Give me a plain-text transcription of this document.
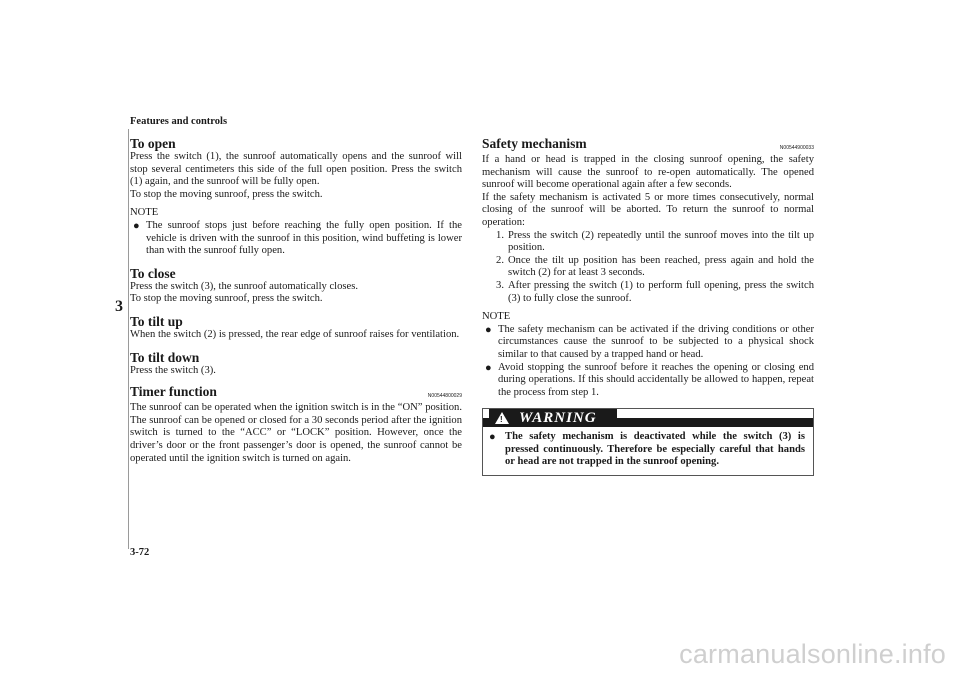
Features and controls
3
To open

Press the switch (1), the sunroof automatically opens and the sunroof will stop several centimeters this side of the full open position. Press the switch (1) again, and the sunroof will be fully open.

To stop the moving sunroof, press the switch.

NOTE

● The sunroof stops just before reaching the fully open position. If the vehicle is driven with the sunroof in this position, wind buffeting is lower than with the sunroof fully open.
To close

Press the switch (3), the sunroof automatically closes.

To stop the moving sunroof, press the switch.

To tilt up

When the switch (2) is pressed, the rear edge of sunroof raises for ventilation.

To tilt down

Press the switch (3).

Timer function	N00544800029

The sunroof can be operated when the ignition switch is in the “ON” position. The sunroof can be opened or closed for a 30 seconds period after the ignition switch is turned to the “ACC” or “LOCK” position. However, once the driver’s door or the front passenger’s door is opened, the sunroof cannot be operated until the ignition switch is turned on again.

Safety mechanism	N00544900033

If a hand or head is trapped in the closing sunroof opening, the safety mechanism will cause the sunroof to re-open automatically. The opened sunroof will become operational again after a few seconds.

If the safety mechanism is activated 5 or more times consecutively, normal closing of the sunroof will be aborted. To return the sunroof to normal operation:

1. Press the switch (2) repeatedly until the sunroof moves into the tilt up position.
2. Once the tilt up position has been reached, press again and hold the switch (2) for at least 3 seconds.
3. After pressing the switch (1) to perform full opening, press the switch (3) to fully close the sunroof.

NOTE

● The safety mechanism can be activated if the driving conditions or other circumstances cause the sunroof to be subjected to a physical shock similar to that caused by a trapped hand or head.
● Avoid stopping the sunroof before it reaches the opening or closing end during operations. If this should accidentally be allowed to happen, repeat the process from step 1.
! WARNING
● The safety mechanism is deactivated while the switch (3) is pressed continuously. Therefore be especially careful that hands or head are not trapped in the sunroof opening.
3-72
carmanualsonline.info
